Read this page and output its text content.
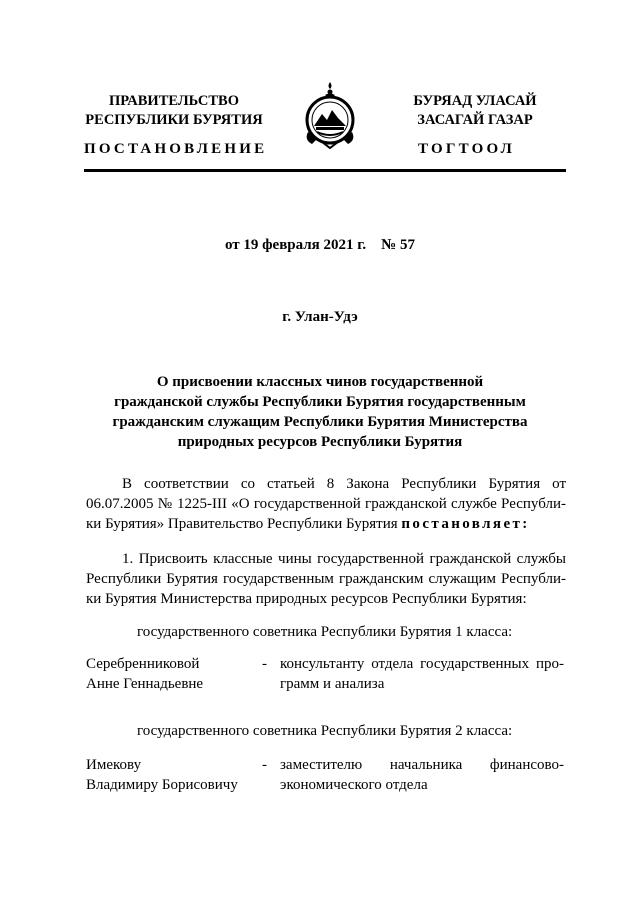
ПРАВИТЕЛЬСТВО
РЕСПУБЛИКИ БУРЯТИЯ
БУРЯАД УЛАСАЙ
ЗАСАГАЙ ГАЗАР
ПОСТАНОВЛЕНИЕ	ТОГТООЛ
от 19 февраля 2021 г.    № 57
г. Улан-Удэ
О присвоении классных чинов государственной
гражданской службы Республики Бурятия государственным
гражданским служащим Республики Бурятия Министерства
природных ресурсов Республики Бурятия
В соответствии со статьей 8 Закона Республики Бурятия от
06.07.2005 № 1225-III «О государственной гражданской службе Республи-
ки Бурятия» Правительство Республики Бурятия постановляет:
1. Присвоить классные чины государственной гражданской службы
Республики Бурятия государственным гражданским служащим Республи-
ки Бурятия Министерства природных ресурсов Республики Бурятия:
государственного советника Республики Бурятия 1 класса:
Серебренниковой
Анне Геннадьевне
- консультанту отдела государственных про-
грамм и анализа
государственного советника Республики Бурятия 2 класса:
Имекову
Владимиру Борисовичу
- заместителю начальника финансово-
экономического отдела
